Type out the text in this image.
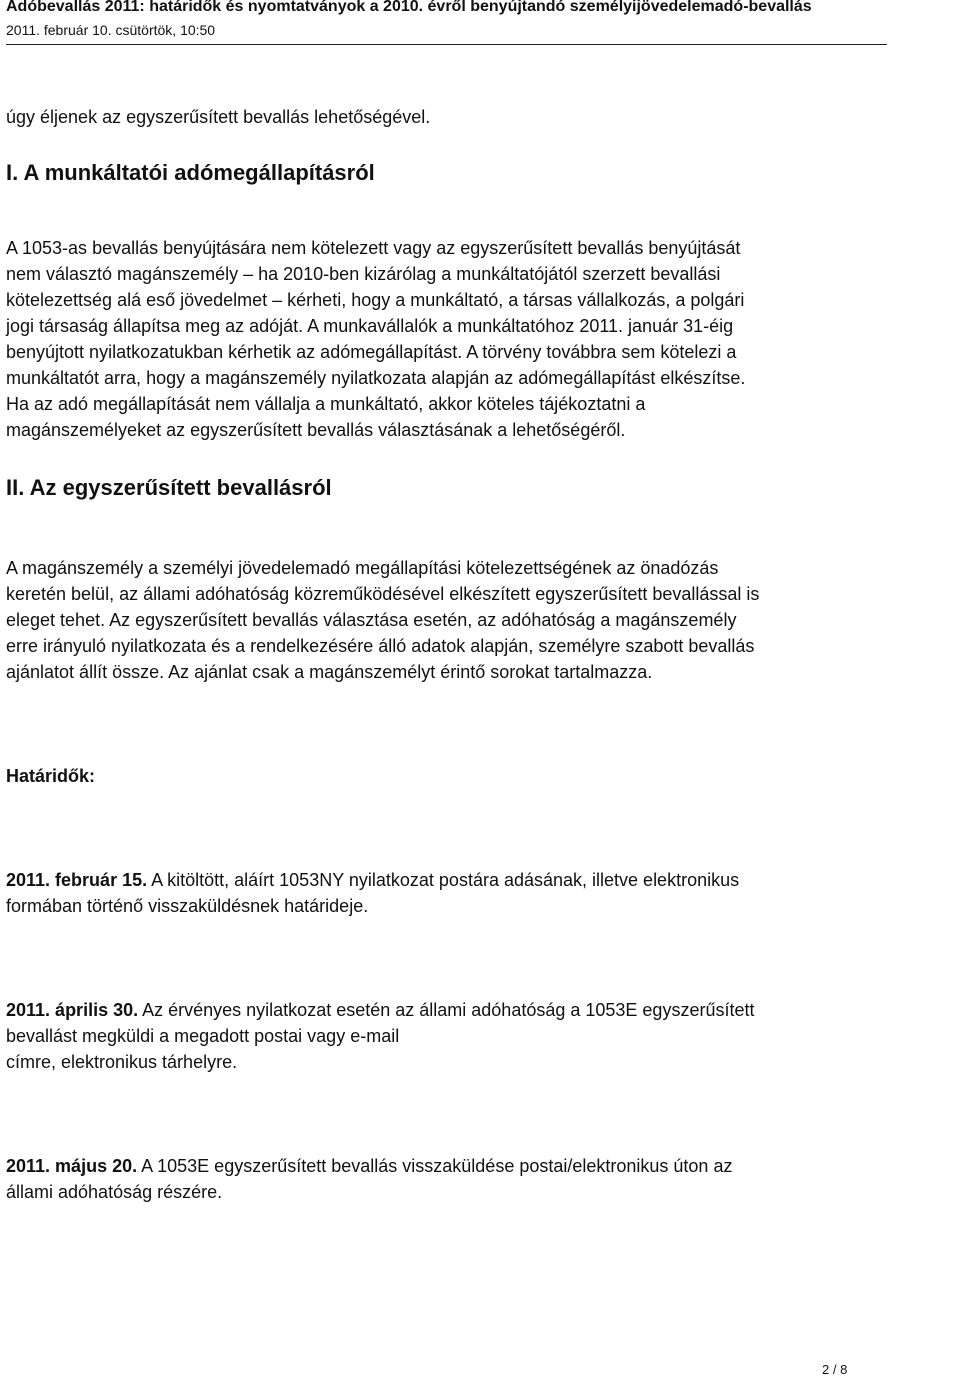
Adóbevallás 2011: határidők és nyomtatványok a 2010. évről benyújtandó személyijövedelemadó-bevallás
2011. február 10. csütörtök, 10:50

úgy éljenek az egyszerűsített bevallás lehetőségével.

I. A munkáltatói adómegállapításról

A 1053-as bevallás benyújtására nem kötelezett vagy az egyszerűsített bevallás benyújtását
nem választó magánszemély – ha 2010-ben kizárólag a munkáltatójától szerzett bevallási
kötelezettség alá eső jövedelmet – kérheti, hogy a munkáltató, a társas vállalkozás, a polgári
jogi társaság állapítsa meg az adóját. A munkavállalók a munkáltatóhoz 2011. január 31-éig
benyújtott nyilatkozatukban kérhetik az adómegállapítást. A törvény továbbra sem kötelezi a
munkáltatót arra, hogy a magánszemély nyilatkozata alapján az adómegállapítást elkészítse.
Ha az adó megállapítását nem vállalja a munkáltató, akkor köteles tájékoztatni a
magánszemélyeket az egyszerűsített bevallás választásának a lehetőségéről.

II. Az egyszerűsített bevallásról

A magánszemély a személyi jövedelemadó megállapítási kötelezettségének az önadózás
keretén belül, az állami adóhatóság közreműködésével elkészített egyszerűsített bevallással is
eleget tehet. Az egyszerűsített bevallás választása esetén, az adóhatóság a magánszemély
erre irányuló nyilatkozata és a rendelkezésére álló adatok alapján, személyre szabott bevallás
ajánlatot állít össze. Az ajánlat csak a magánszemélyt érintő sorokat tartalmazza.

Határidők:

2011. február 15. A kitöltött, aláírt 1053NY nyilatkozat postára adásának, illetve elektronikus
formában történő visszaküldésnek határideje.

2011. április 30. Az érvényes nyilatkozat esetén az állami adóhatóság a 1053E egyszerűsített
bevallást megküldi a megadott postai vagy e-mail
címre, elektronikus tárhelyre.

2011. május 20. A 1053E egyszerűsített bevallás visszaküldése postai/elektronikus úton az
állami adóhatóság részére.

2 / 8
